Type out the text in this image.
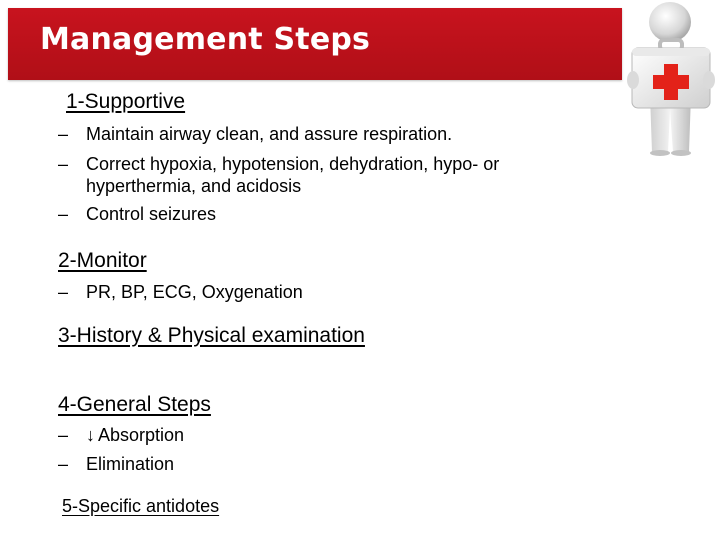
Management Steps
1-Supportive
– Maintain airway clean, and assure respiration.
– Correct hypoxia, hypotension, dehydration, hypo- or
hyperthermia, and acidosis
– Control seizures
2-Monitor
– PR, BP, ECG, Oxygenation
3-History & Physical examination
4-General Steps
– ↓ Absorption
– Elimination
5-Specific antidotes
